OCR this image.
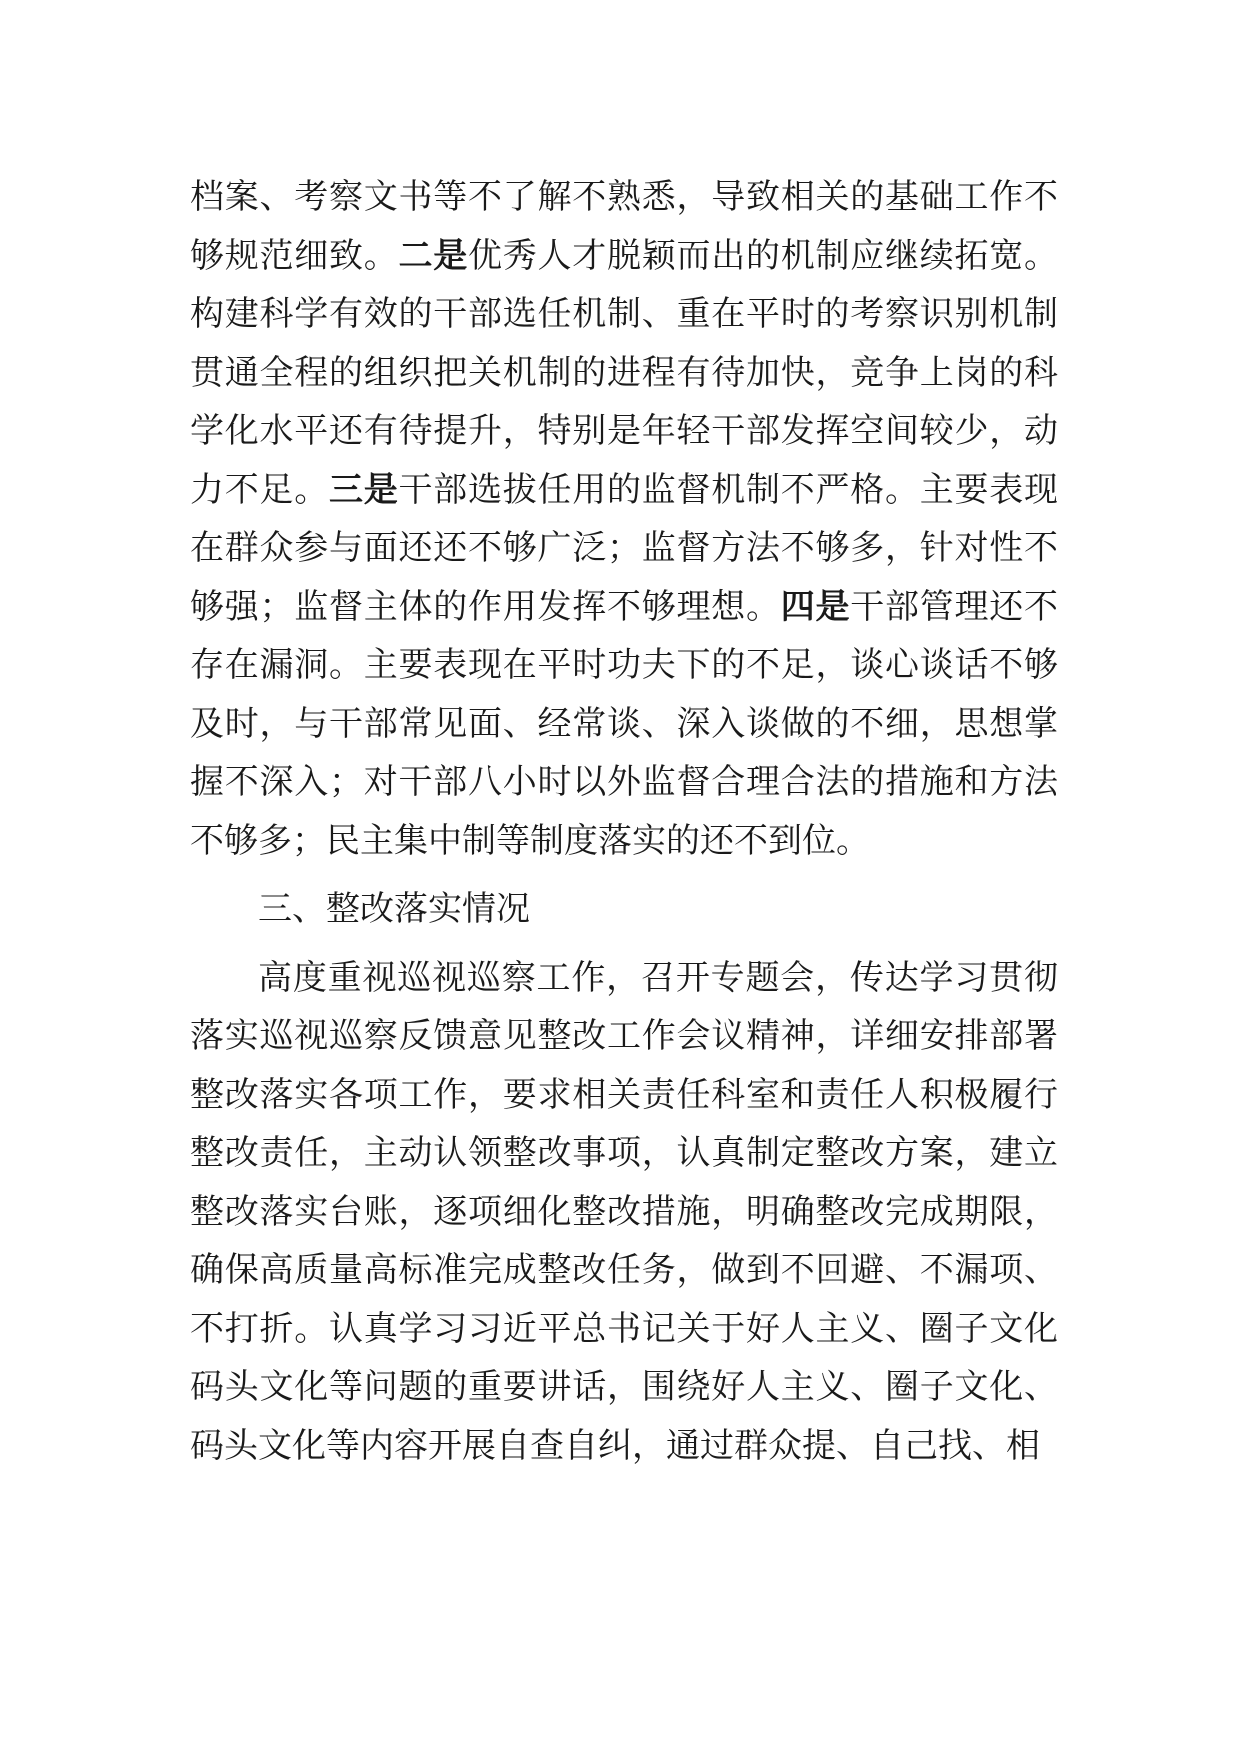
档案、考察文书等不了解不熟悉，导致相关的基础工作不够规范细致。二是优秀人才脱颖而出的机制应继续拓宽。构建科学有效的干部选任机制、重在平时的考察识别机制贯通全程的组织把关机制的进程有待加快，竞争上岗的科学化水平还有待提升，特别是年轻干部发挥空间较少，动力不足。三是干部选拔任用的监督机制不严格。主要表现在群众参与面还还不够广泛；监督方法不够多，针对性不够强；监督主体的作用发挥不够理想。四是干部管理还不存在漏洞。主要表现在平时功夫下的不足，谈心谈话不够及时，与干部常见面、经常谈、深入谈做的不细，思想掌握不深入；对干部八小时以外监督合理合法的措施和方法不够多；民主集中制等制度落实的还不到位。

三、整改落实情况

高度重视巡视巡察工作，召开专题会，传达学习贯彻落实巡视巡察反馈意见整改工作会议精神，详细安排部署整改落实各项工作，要求相关责任科室和责任人积极履行整改责任，主动认领整改事项，认真制定整改方案，建立整改落实台账，逐项细化整改措施，明确整改完成期限，确保高质量高标准完成整改任务，做到不回避、不漏项、不打折。认真学习习近平总书记关于好人主义、圈子文化码头文化等问题的重要讲话，围绕好人主义、圈子文化、码头文化等内容开展自查自纠，通过群众提、自己找、相
